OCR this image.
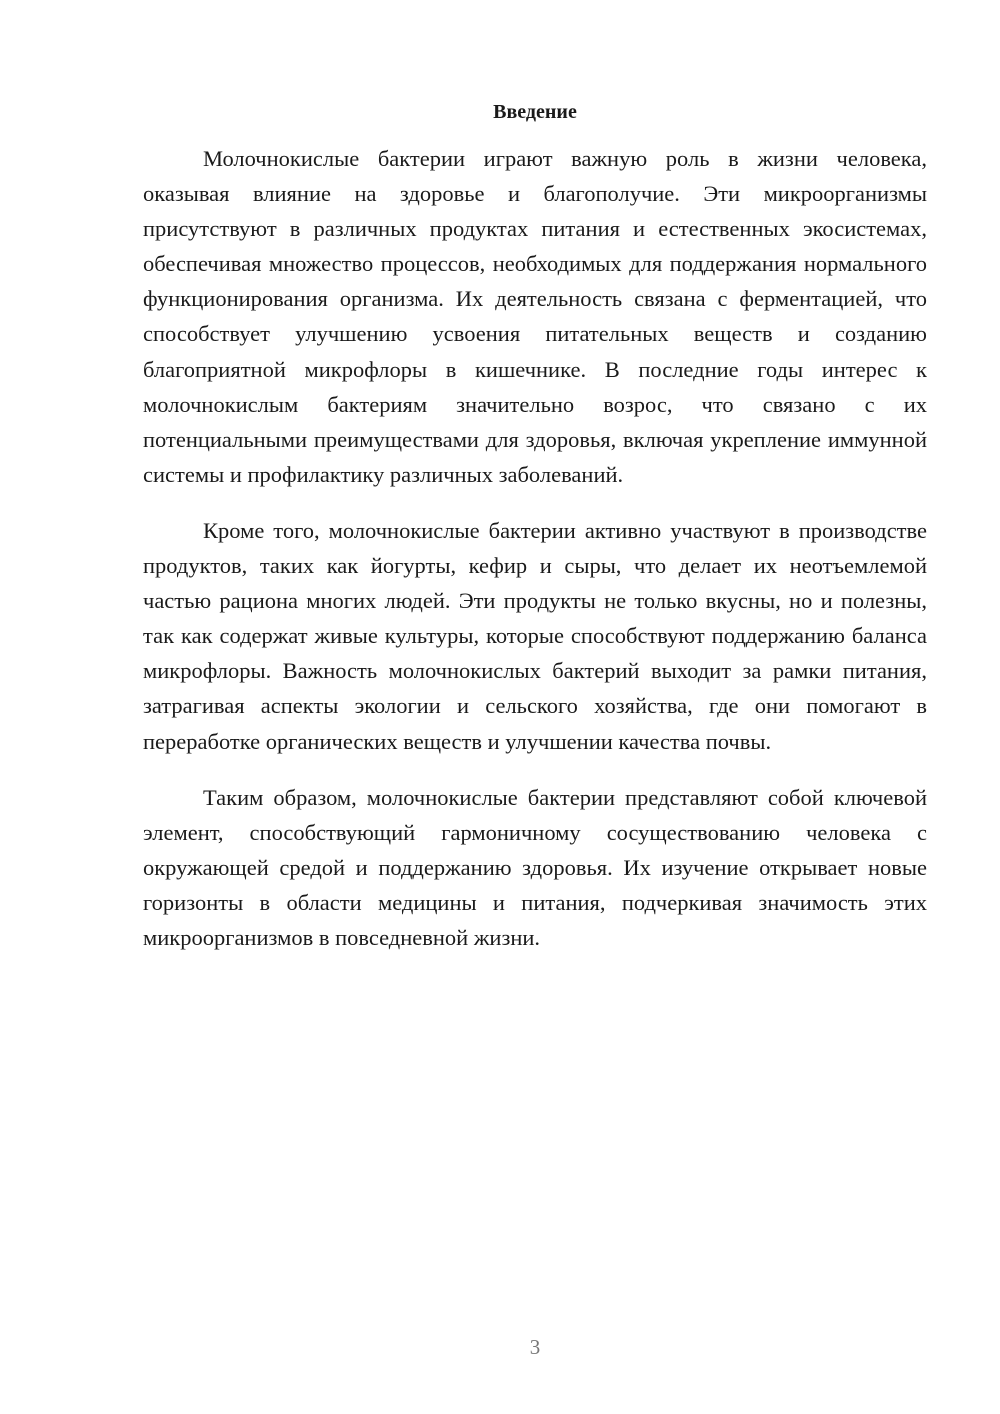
Введение

Молочнокислые бактерии играют важную роль в жизни человека, оказывая влияние на здоровье и благополучие. Эти микроорганизмы присутствуют в различных продуктах питания и естественных экосистемах, обеспечивая множество процессов, необходимых для поддержания нормального функционирования организма. Их деятельность связана с ферментацией, что способствует улучшению усвоения питательных веществ и созданию благоприятной микрофлоры в кишечнике. В последние годы интерес к молочнокислым бактериям значительно возрос, что связано с их потенциальными преимуществами для здоровья, включая укрепление иммунной системы и профилактику различных заболеваний.

Кроме того, молочнокислые бактерии активно участвуют в производстве продуктов, таких как йогурты, кефир и сыры, что делает их неотъемлемой частью рациона многих людей. Эти продукты не только вкусны, но и полезны, так как содержат живые культуры, которые способствуют поддержанию баланса микрофлоры. Важность молочнокислых бактерий выходит за рамки питания, затрагивая аспекты экологии и сельского хозяйства, где они помогают в переработке органических веществ и улучшении качества почвы.

Таким образом, молочнокислые бактерии представляют собой ключевой элемент, способствующий гармоничному сосуществованию человека с окружающей средой и поддержанию здоровья. Их изучение открывает новые горизонты в области медицины и питания, подчеркивая значимость этих микроорганизмов в повседневной жизни.

3
